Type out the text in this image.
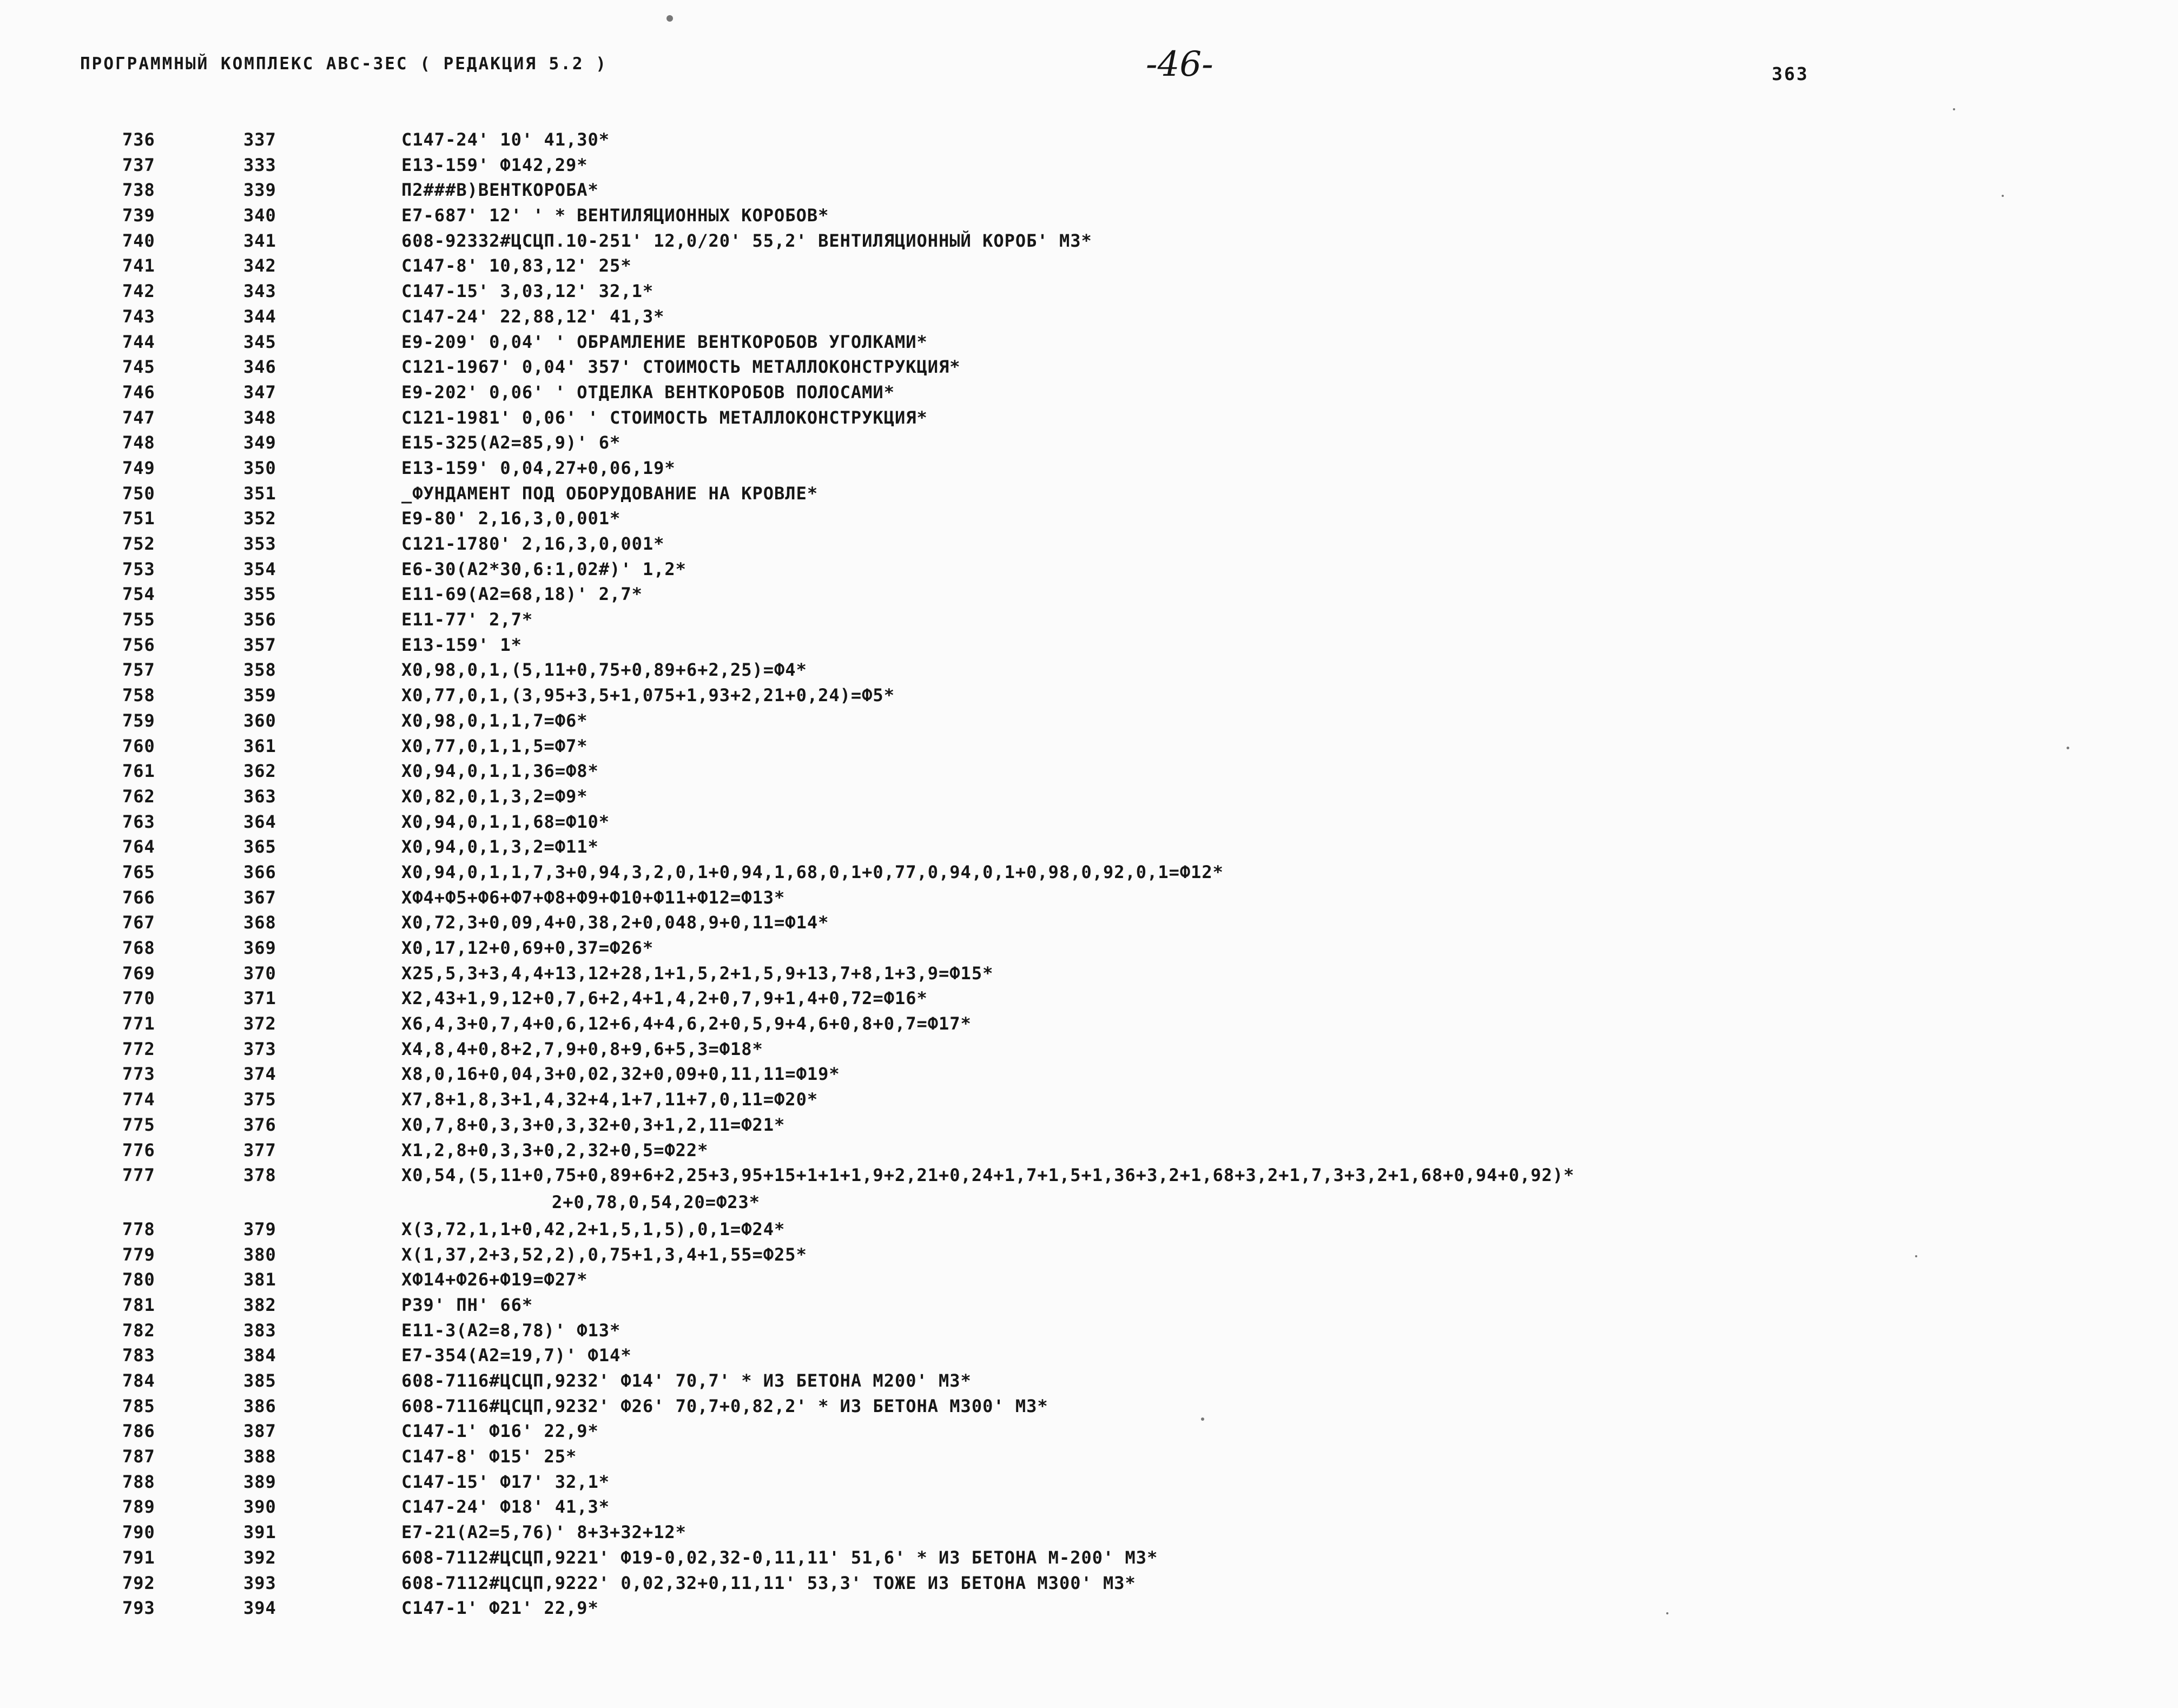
ПРОГРАММНЫЙ КОМПЛЕКС АВС-ЗЕС ( РЕДАКЦИЯ 5.2 )	-46-	363
736	337	С147-24' 10' 41,30*
737	333	Е13-159' Ф142,29*
738	339	П2###В)ВЕНТКОРОБА*
739	340	Е7-687' 12' ' * ВЕНТИЛЯЦИОННЫХ КОРОБОВ*
740	341	608-92332#ЦСЦП.10-251' 12,0/20' 55,2' ВЕНТИЛЯЦИОННЫЙ КОРОБ' М3*
741	342	С147-8' 10,83,12' 25*
742	343	С147-15' 3,03,12' 32,1*
743	344	С147-24' 22,88,12' 41,3*
744	345	Е9-209' 0,04' ' ОБРАМЛЕНИЕ ВЕНТКОРОБОВ УГОЛКАМИ*
745	346	С121-1967' 0,04' 357' СТОИМОСТЬ МЕТАЛЛОКОНСТРУКЦИЯ*
746	347	Е9-202' 0,06' ' ОТДЕЛКА ВЕНТКОРОБОВ ПОЛОСАМИ*
747	348	С121-1981' 0,06' ' СТОИМОСТЬ МЕТАЛЛОКОНСТРУКЦИЯ*
748	349	Е15-325(А2=85,9)' 6*
749	350	Е13-159' 0,04,27+0,06,19*
750	351	_ФУНДАМЕНТ ПОД ОБОРУДОВАНИЕ НА КРОВЛЕ*
751	352	Е9-80' 2,16,3,0,001*
752	353	С121-1780' 2,16,3,0,001*
753	354	Е6-30(А2*30,6:1,02#)' 1,2*
754	355	Е11-69(А2=68,18)' 2,7*
755	356	Е11-77' 2,7*
756	357	Е13-159' 1*
757	358	Х0,98,0,1,(5,11+0,75+0,89+6+2,25)=Ф4*
758	359	Х0,77,0,1,(3,95+3,5+1,075+1,93+2,21+0,24)=Ф5*
759	360	Х0,98,0,1,1,7=Ф6*
760	361	Х0,77,0,1,1,5=Ф7*
761	362	Х0,94,0,1,1,36=Ф8*
762	363	Х0,82,0,1,3,2=Ф9*
763	364	Х0,94,0,1,1,68=Ф10*
764	365	Х0,94,0,1,3,2=Ф11*
765	366	Х0,94,0,1,1,7,3+0,94,3,2,0,1+0,94,1,68,0,1+0,77,0,94,0,1+0,98,0,92,0,1=Ф12*
766	367	ХФ4+Ф5+Ф6+Ф7+Ф8+Ф9+Ф10+Ф11+Ф12=Ф13*
767	368	Х0,72,3+0,09,4+0,38,2+0,048,9+0,11=Ф14*
768	369	Х0,17,12+0,69+0,37=Ф26*
769	370	Х25,5,3+3,4,4+13,12+28,1+1,5,2+1,5,9+13,7+8,1+3,9=Ф15*
770	371	Х2,43+1,9,12+0,7,6+2,4+1,4,2+0,7,9+1,4+0,72=Ф16*
771	372	Х6,4,3+0,7,4+0,6,12+6,4+4,6,2+0,5,9+4,6+0,8+0,7=Ф17*
772	373	Х4,8,4+0,8+2,7,9+0,8+9,6+5,3=Ф18*
773	374	Х8,0,16+0,04,3+0,02,32+0,09+0,11,11=Ф19*
774	375	Х7,8+1,8,3+1,4,32+4,1+7,11+7,0,11=Ф20*
775	376	Х0,7,8+0,3,3+0,3,32+0,3+1,2,11=Ф21*
776	377	Х1,2,8+0,3,3+0,2,32+0,5=Ф22*
777	378	Х0,54,(5,11+0,75+0,89+6+2,25+3,95+15+1+1+1,9+2,21+0,24+1,7+1,5+1,36+3,2+1,68+3,2+1,7,3+3,2+1,68+0,94+0,92)*
2+0,78,0,54,20=Ф23*
778	379	Х(3,72,1,1+0,42,2+1,5,1,5),0,1=Ф24*
779	380	Х(1,37,2+3,52,2),0,75+1,3,4+1,55=Ф25*
780	381	ХФ14+Ф26+Ф19=Ф27*
781	382	Р39' ПН' 66*
782	383	Е11-3(А2=8,78)' Ф13*
783	384	Е7-354(А2=19,7)' Ф14*
784	385	608-7116#ЦСЦП,9232' Ф14' 70,7' * ИЗ БЕТОНА М200' М3*
785	386	608-7116#ЦСЦП,9232' Ф26' 70,7+0,82,2' * ИЗ БЕТОНА М300' М3*
786	387	С147-1' Ф16' 22,9*
787	388	С147-8' Ф15' 25*
788	389	С147-15' Ф17' 32,1*
789	390	С147-24' Ф18' 41,3*
790	391	Е7-21(А2=5,76)' 8+3+32+12*
791	392	608-7112#ЦСЦП,9221' Ф19-0,02,32-0,11,11' 51,6' * ИЗ БЕТОНА М-200' М3*
792	393	608-7112#ЦСЦП,9222' 0,02,32+0,11,11' 53,3' ТОЖЕ ИЗ БЕТОНА М300' М3*
793	394	С147-1' Ф21' 22,9*
